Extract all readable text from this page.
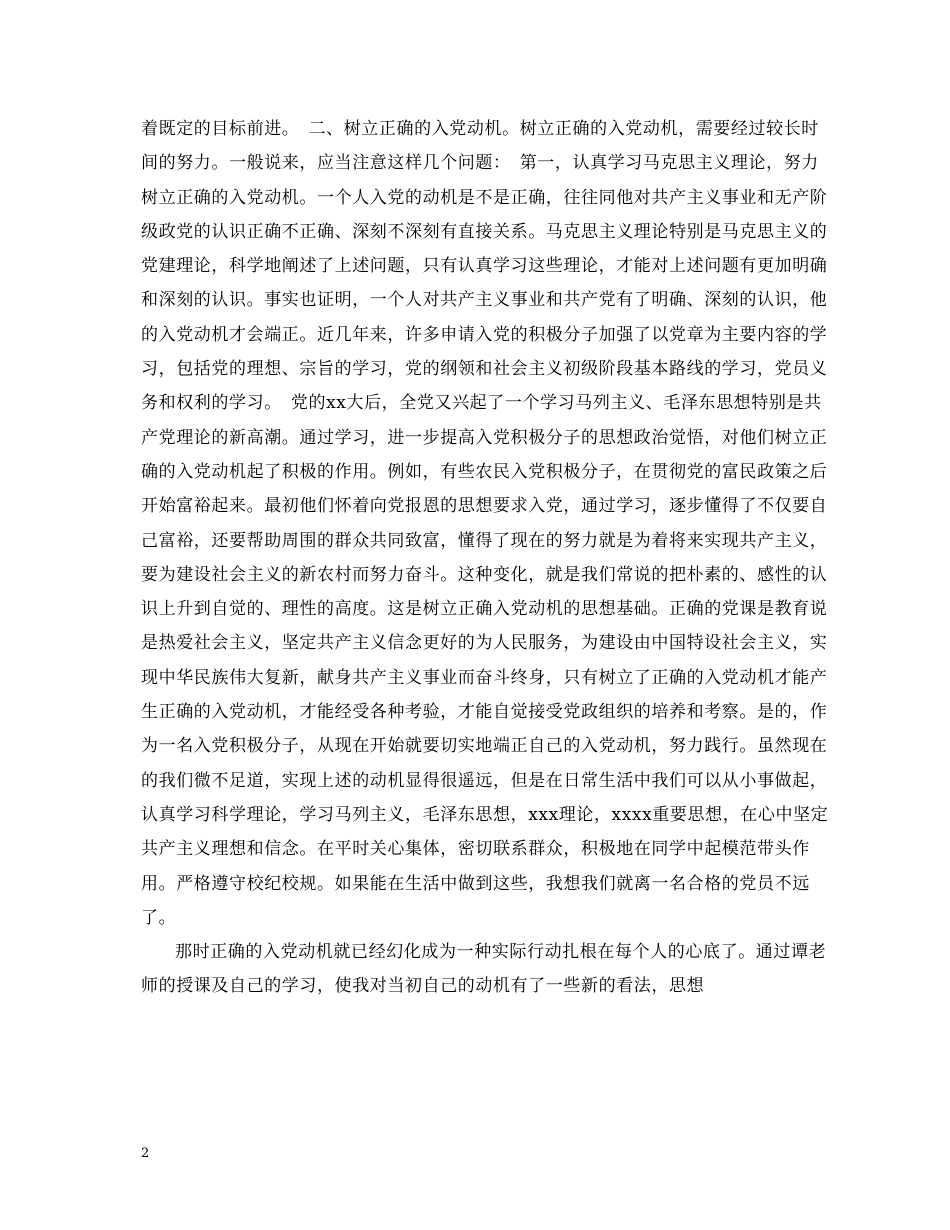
着既定的目标前进。　二、树立正确的入党动机。树立正确的入党动机，需要经过较长时间的努力。一般说来，应当注意这样几个问题：　第一，认真学习马克思主义理论，努力树立正确的入党动机。一个人入党的动机是不是正确，往往同他对共产主义事业和无产阶级政党的认识正确不正确、深刻不深刻有直接关系。马克思主义理论特别是马克思主义的党建理论，科学地阐述了上述问题，只有认真学习这些理论，才能对上述问题有更加明确和深刻的认识。事实也证明，一个人对共产主义事业和共产党有了明确、深刻的认识，他的入党动机才会端正。近几年来，许多申请入党的积极分子加强了以党章为主要内容的学习，包括党的理想、宗旨的学习，党的纲领和社会主义初级阶段基本路线的学习，党员义务和权利的学习。　党的xx大后，全党又兴起了一个学习马列主义、毛泽东思想特别是共产党理论的新高潮。通过学习，进一步提高入党积极分子的思想政治觉悟，对他们树立正确的入党动机起了积极的作用。例如，有些农民入党积极分子，在贯彻党的富民政策之后开始富裕起来。最初他们怀着向党报恩的思想要求入党，通过学习，逐步懂得了不仅要自己富裕，还要帮助周围的群众共同致富，懂得了现在的努力就是为着将来实现共产主义，要为建设社会主义的新农村而努力奋斗。这种变化，就是我们常说的把朴素的、感性的认识上升到自觉的、理性的高度。这是树立正确入党动机的思想基础。正确的党课是教育说是热爱社会主义，坚定共产主义信念更好的为人民服务，为建设由中国特设社会主义，实现中华民族伟大复新，献身共产主义事业而奋斗终身，只有树立了正确的入党动机才能产生正确的入党动机，才能经受各种考验，才能自觉接受党政组织的培养和考察。是的，作为一名入党积极分子，从现在开始就要切实地端正自己的入党动机，努力践行。虽然现在的我们微不足道，实现上述的动机显得很遥远，但是在日常生活中我们可以从小事做起，认真学习科学理论，学习马列主义，毛泽东思想，xxx理论，xxxx重要思想，在心中坚定共产主义理想和信念。在平时关心集体，密切联系群众，积极地在同学中起模范带头作用。严格遵守校纪校规。如果能在生活中做到这些，我想我们就离一名合格的党员不远了。

那时正确的入党动机就已经幻化成为一种实际行动扎根在每个人的心底了。通过谭老师的授课及自己的学习，使我对当初自己的动机有了一些新的看法，思想

2
